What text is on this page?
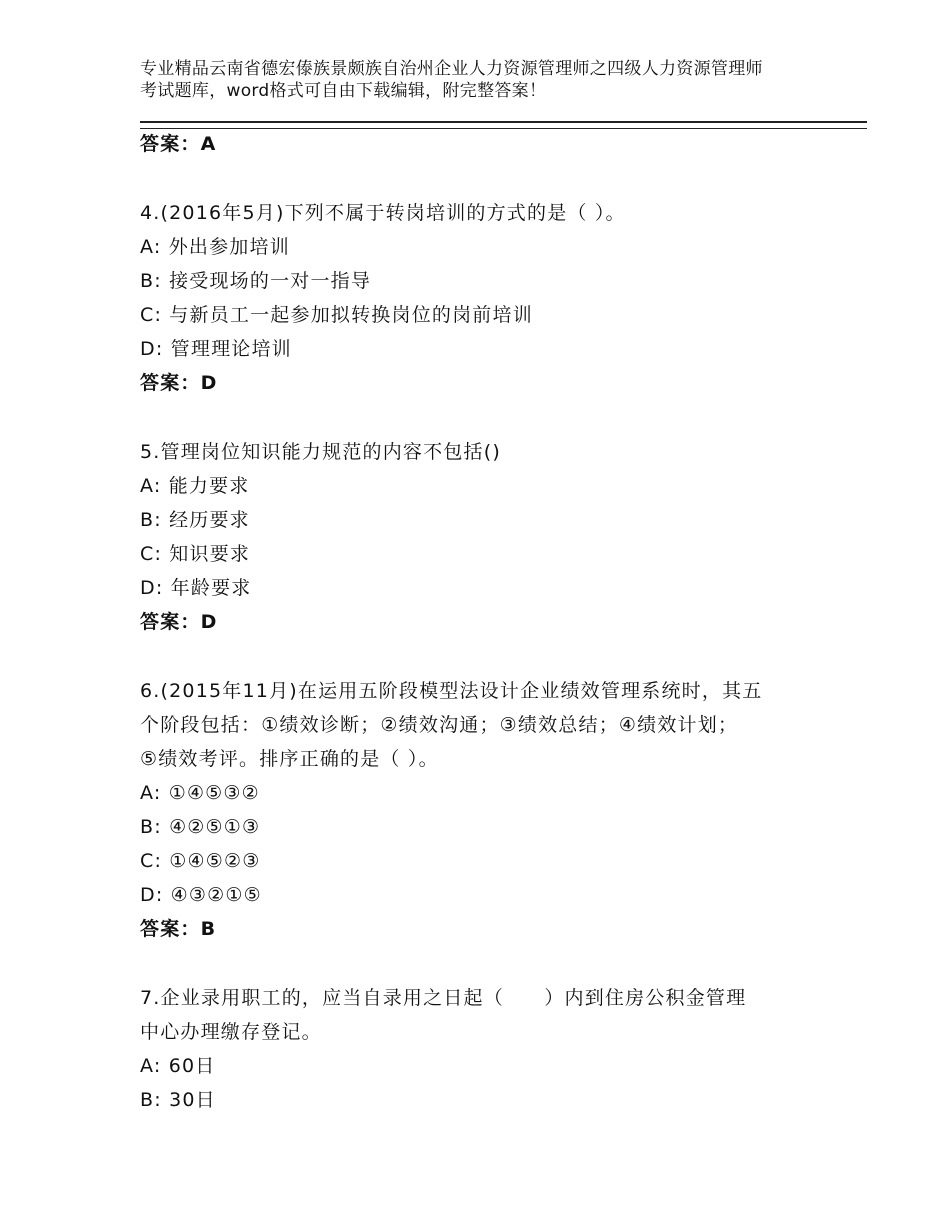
专业精品云南省德宏傣族景颇族自治州企业人力资源管理师之四级人力资源管理师
考试题库，word格式可自由下载编辑，附完整答案！
答案：A
4.(2016年5月)下列不属于转岗培训的方式的是（ ）。
A: 外出参加培训
B: 接受现场的一对一指导
C: 与新员工一起参加拟转换岗位的岗前培训
D: 管理理论培训
答案：D
5.管理岗位知识能力规范的内容不包括()
A: 能力要求
B: 经历要求
C: 知识要求
D: 年龄要求
答案：D
6.(2015年11月)在运用五阶段模型法设计企业绩效管理系统时，其五
个阶段包括：①绩效诊断；②绩效沟通；③绩效总结；④绩效计划；
⑤绩效考评。排序正确的是（ ）。
A: ①④⑤③②
B: ④②⑤①③
C: ①④⑤②③
D: ④③②①⑤
答案：B
7.企业录用职工的，应当自录用之日起（　　）内到住房公积金管理
中心办理缴存登记。
A: 60日
B: 30日
